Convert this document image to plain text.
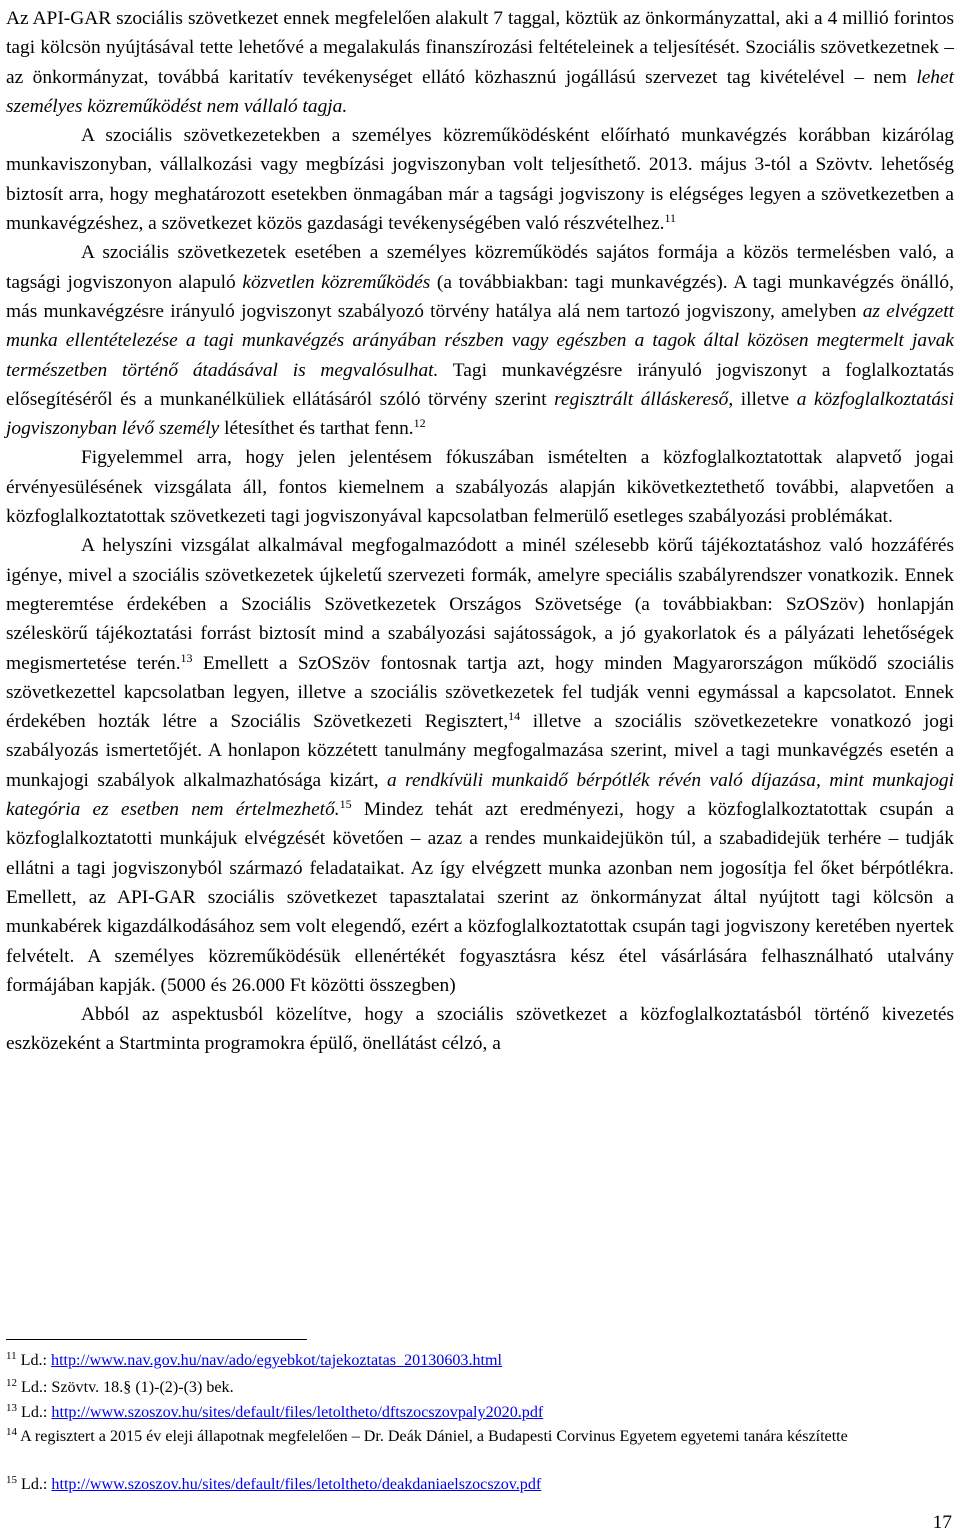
Az API-GAR szociális szövetkezet ennek megfelelően alakult 7 taggal, köztük az önkormányzattal, aki a 4 millió forintos tagi kölcsön nyújtásával tette lehetővé a megalakulás finanszírozási feltételeinek a teljesítését. Szociális szövetkezetnek – az önkormányzat, továbbá karitatív tevékenységet ellátó közhasznú jogállású szervezet tag kivételével – nem lehet személyes közreműködést nem vállaló tagja.

A szociális szövetkezetekben a személyes közreműködésként előírható munkavégzés korábban kizárólag munkaviszonyban, vállalkozási vagy megbízási jogviszonyban volt teljesíthető. 2013. május 3-tól a Szövtv. lehetőség biztosít arra, hogy meghatározott esetekben önmagában már a tagsági jogviszony is elégséges legyen a szövetkezetben a munkavégzéshez, a szövetkezet közös gazdasági tevékenységében való részvételhez.$^{11}$

A szociális szövetkezetek esetében a személyes közreműködés sajátos formája a közös termelésben való, a tagsági jogviszonyon alapuló közvetlen közreműködés (a továbbiakban: tagi munkavégzés). A tagi munkavégzés önálló, más munkavégzésre irányuló jogviszonyt szabályozó törvény hatálya alá nem tartozó jogviszony, amelyben az elvégzett munka ellentételezése a tagi munkavégzés arányában részben vagy egészben a tagok által közösen megtermelt javak természetben történő átadásával is megvalósulhat. Tagi munkavégzésre irányuló jogviszonyt a foglalkoztatás elősegítéséről és a munkanélküliek ellátásáról szóló törvény szerint regisztrált álláskereső, illetve a közfoglalkoztatási jogviszonyban lévő személy létesíthet és tarthat fenn.$^{12}$

Figyelemmel arra, hogy jelen jelentésem fókuszában ismételten a közfoglalkoztatottak alapvető jogai érvényesülésének vizsgálata áll, fontos kiemelnem a szabályozás alapján kikövetkeztethető további, alapvetően a közfoglalkoztatottak szövetkezeti tagi jogviszonyával kapcsolatban felmerülő esetleges szabályozási problémákat.

A helyszíni vizsgálat alkalmával megfogalmazódott a minél szélesebb körű tájékoztatáshoz való hozzáférés igénye, mivel a szociális szövetkezetek újkeletű szervezeti formák, amelyre speciális szabályrendszer vonatkozik. Ennek megteremtése érdekében a Szociális Szövetkezetek Országos Szövetsége (a továbbiakban: SzOSzöv) honlapján széleskörű tájékoztatási forrást biztosít mind a szabályozási sajátosságok, a jó gyakorlatok és a pályázati lehetőségek megismertetése terén.$^{13}$ Emellett a SzOSzöv fontosnak tartja azt, hogy minden Magyarországon működő szociális szövetkezettel kapcsolatban legyen, illetve a szociális szövetkezetek fel tudják venni egymással a kapcsolatot. Ennek érdekében hozták létre a Szociális Szövetkezeti Regisztert,$^{14}$ illetve a szociális szövetkezetekre vonatkozó jogi szabályozás ismertetőjét. A honlapon közzétett tanulmány megfogalmazása szerint, mivel a tagi munkavégzés esetén a munkajogi szabályok alkalmazhatósága kizárt, a rendkívüli munkaidő bérpótlék révén való díjazása, mint munkajogi kategória ez esetben nem értelmezhető.$^{15}$ Mindez tehát azt eredményezi, hogy a közfoglalkoztatottak csupán a közfoglalkoztatotti munkájuk elvégzését követően – azaz a rendes munkaidejükön túl, a szabadidejük terhére – tudják ellátni a tagi jogviszonyból származó feladataikat. Az így elvégzett munka azonban nem jogosítja fel őket bérpótlékra. Emellett, az API-GAR szociális szövetkezet tapasztalatai szerint az önkormányzat által nyújtott tagi kölcsön a munkabérek kigazdálkodásához sem volt elegendő, ezért a közfoglalkoztatottak csupán tagi jogviszony keretében nyertek felvételt. A személyes közreműködésük ellenértékét fogyasztásra kész étel vásárlására felhasználható utalvány formájában kapják. (5000 és 26.000 Ft közötti összegben)

Abból az aspektusból közelítve, hogy a szociális szövetkezet a közfoglalkoztatásból történő kivezetés eszközeként a Startminta programokra épülő, önellátást célzó, a

$^{11}$ Ld.: http://www.nav.gov.hu/nav/ado/egyebkot/tajekoztatas_20130603.html

$^{12}$ Ld.: Szövtv. 18.§ (1)-(2)-(3) bek.

$^{13}$ Ld.: http://www.szoszov.hu/sites/default/files/letoltheto/dftszocszovpaly2020.pdf

$^{14}$ A regisztert a 2015 év eleji állapotnak megfelelően – Dr. Deák Dániel, a Budapesti Corvinus Egyetem egyetemi tanára készítette

$^{15}$ Ld.: http://www.szoszov.hu/sites/default/files/letoltheto/deakdaniaelszocszov.pdf

17
